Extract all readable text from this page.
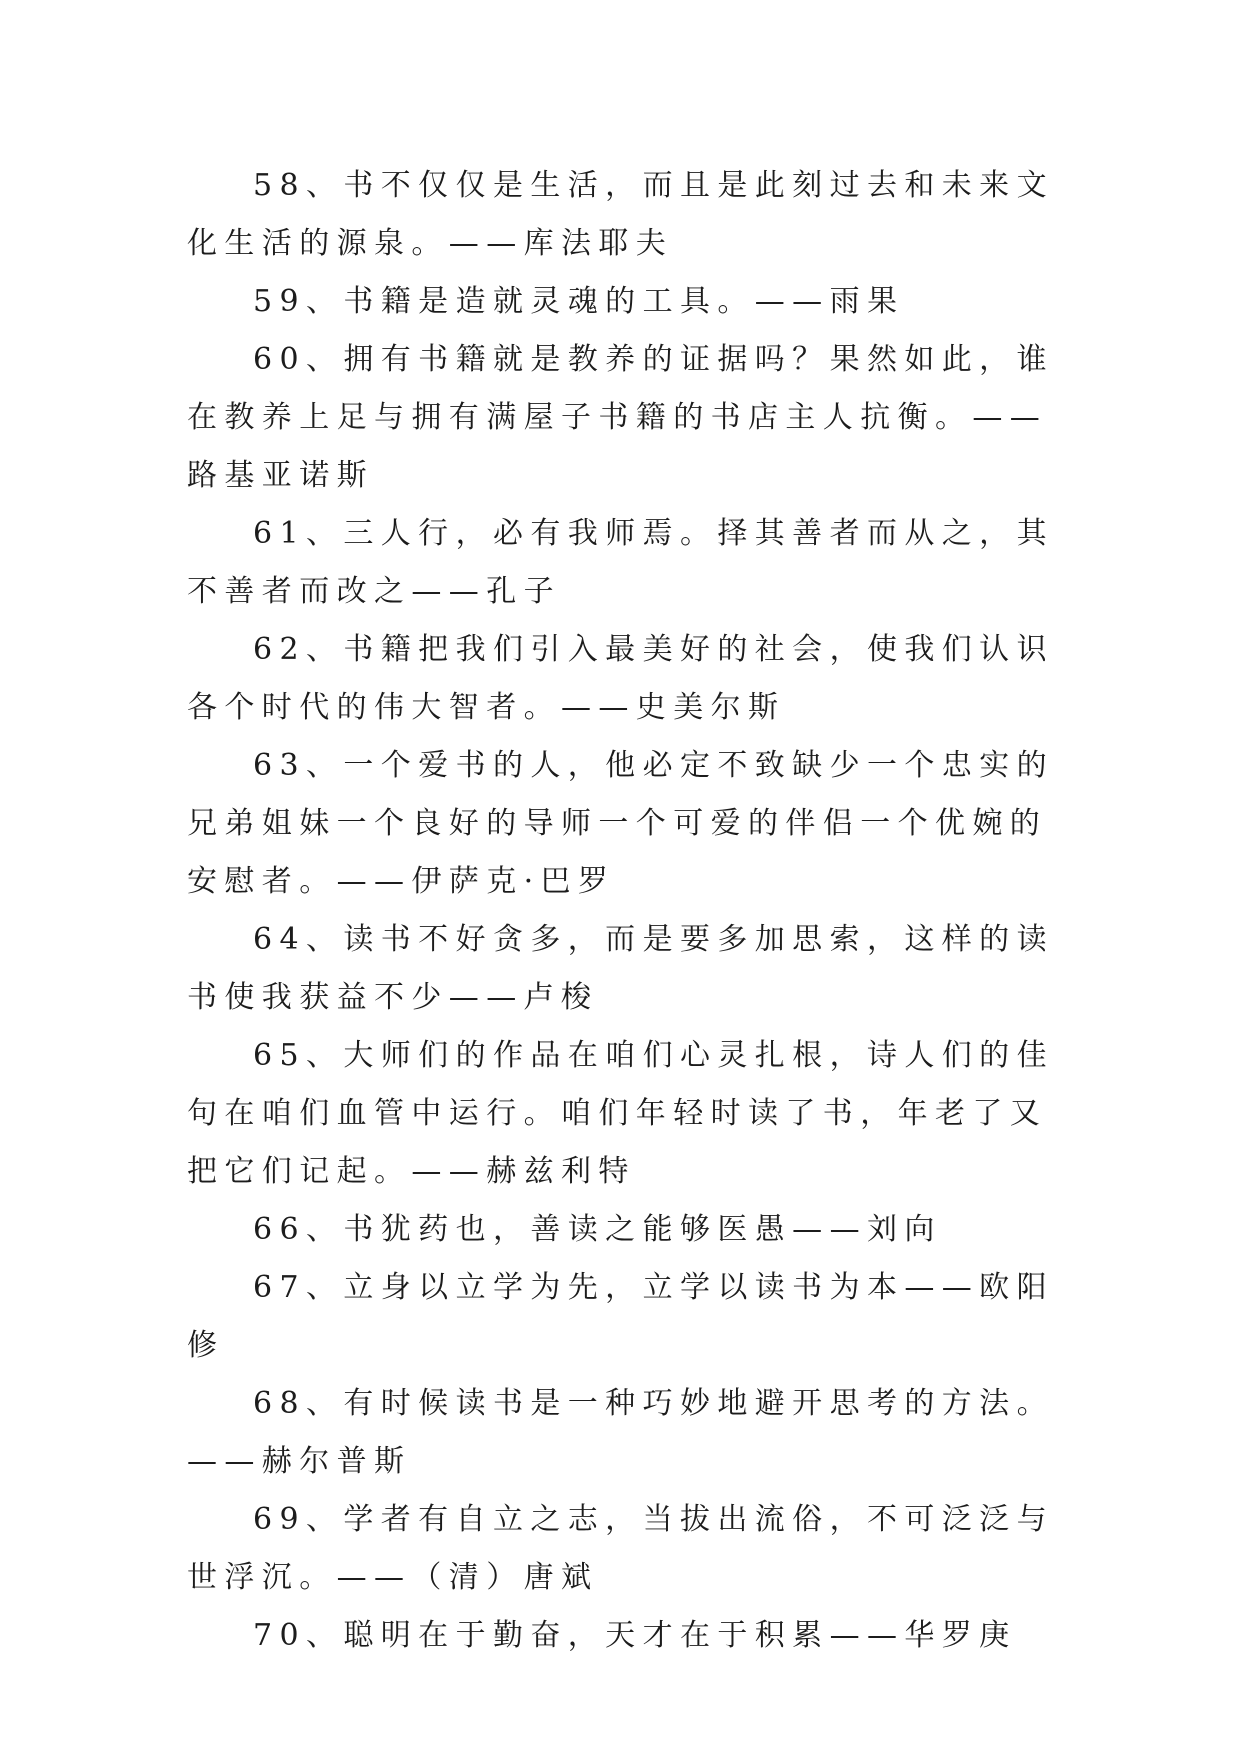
58、书不仅仅是生活，而且是此刻过去和未来文化生活的源泉。——库法耶夫

59、书籍是造就灵魂的工具。——雨果

60、拥有书籍就是教养的证据吗？果然如此，谁在教养上足与拥有满屋子书籍的书店主人抗衡。——路基亚诺斯

61、三人行，必有我师焉。择其善者而从之，其不善者而改之——孔子

62、书籍把我们引入最美好的社会，使我们认识各个时代的伟大智者。——史美尔斯

63、一个爱书的人，他必定不致缺少一个忠实的兄弟姐妹一个良好的导师一个可爱的伴侣一个优婉的安慰者。——伊萨克·巴罗

64、读书不好贪多，而是要多加思索，这样的读书使我获益不少——卢梭

65、大师们的作品在咱们心灵扎根，诗人们的佳句在咱们血管中运行。咱们年轻时读了书，年老了又把它们记起。——赫兹利特

66、书犹药也，善读之能够医愚——刘向

67、立身以立学为先，立学以读书为本——欧阳修

68、有时候读书是一种巧妙地避开思考的方法。——赫尔普斯

69、学者有自立之志，当拔出流俗，不可泛泛与世浮沉。——（清）唐斌

70、聪明在于勤奋，天才在于积累——华罗庚
